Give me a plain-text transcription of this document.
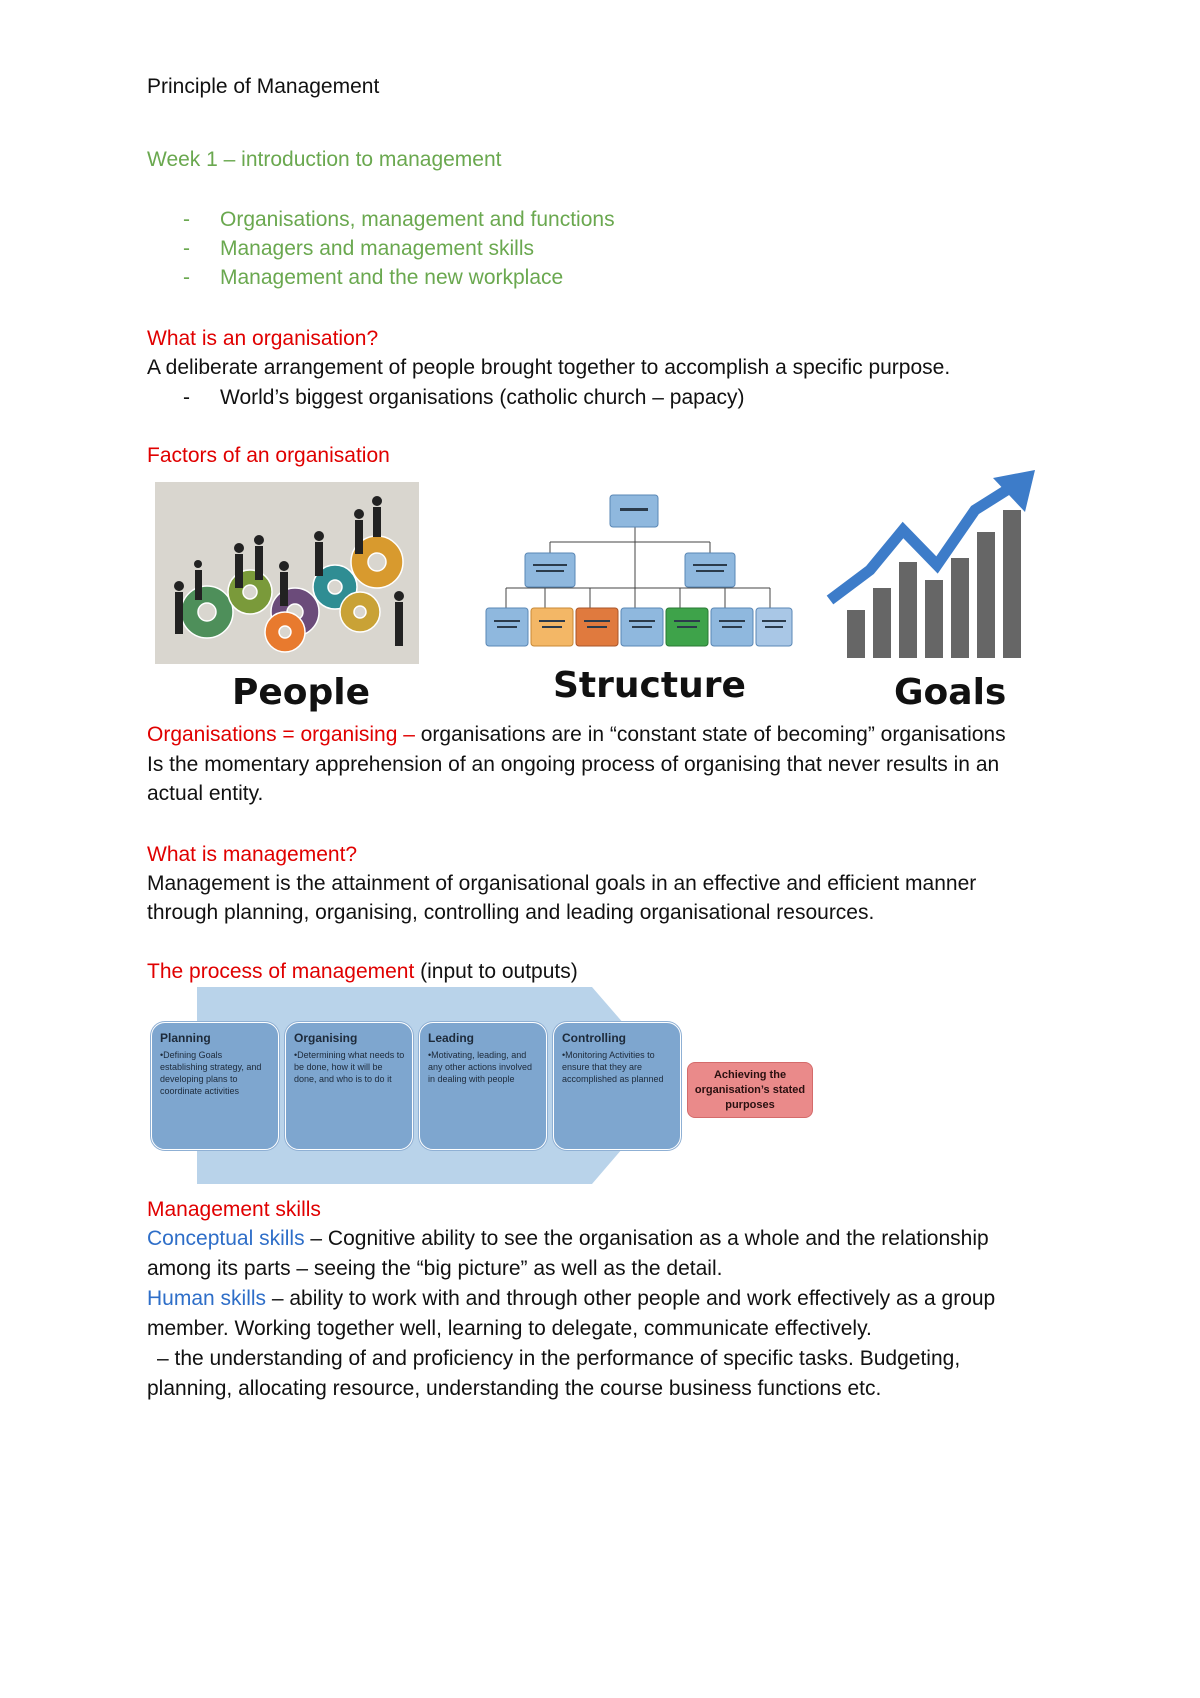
Principle of Management
Week 1 – introduction to management
- Organisations, management and functions
- Managers and management skills
- Management and the new workplace
What is an organisation?
A deliberate arrangement of people brought together to accomplish a specific purpose.
- World’s biggest organisations (catholic church – papacy)
Factors of an organisation
People	Structure	Goals
Organisations = organising – organisations are in “constant state of becoming” organisations
Is the momentary apprehension of an ongoing process of organising that never results in an
actual entity.
What is management?
Management is the attainment of organisational goals in an effective and efficient manner
through planning, organising, controlling and leading organisational resources.
The process of management (input to outputs)
Planning
•Defining Goals establishing strategy, and developing plans to coordinate activities
Organising
•Determining what needs to be done, how it will be done, and who is to do it
Leading
•Motivating, leading, and any other actions involved in dealing with people
Controlling
•Monitoring Activities to ensure that they are accomplished as planned	Achieving the organisation’s stated purposes
Management skills
Conceptual skills – Cognitive ability to see the organisation as a whole and the relationship
among its parts – seeing the “big picture” as well as the detail.
Human skills – ability to work with and through other people and work effectively as a group
member. Working together well, learning to delegate, communicate effectively.
– the understanding of and proficiency in the performance of specific tasks. Budgeting,
planning, allocating resource, understanding the course business functions etc.
